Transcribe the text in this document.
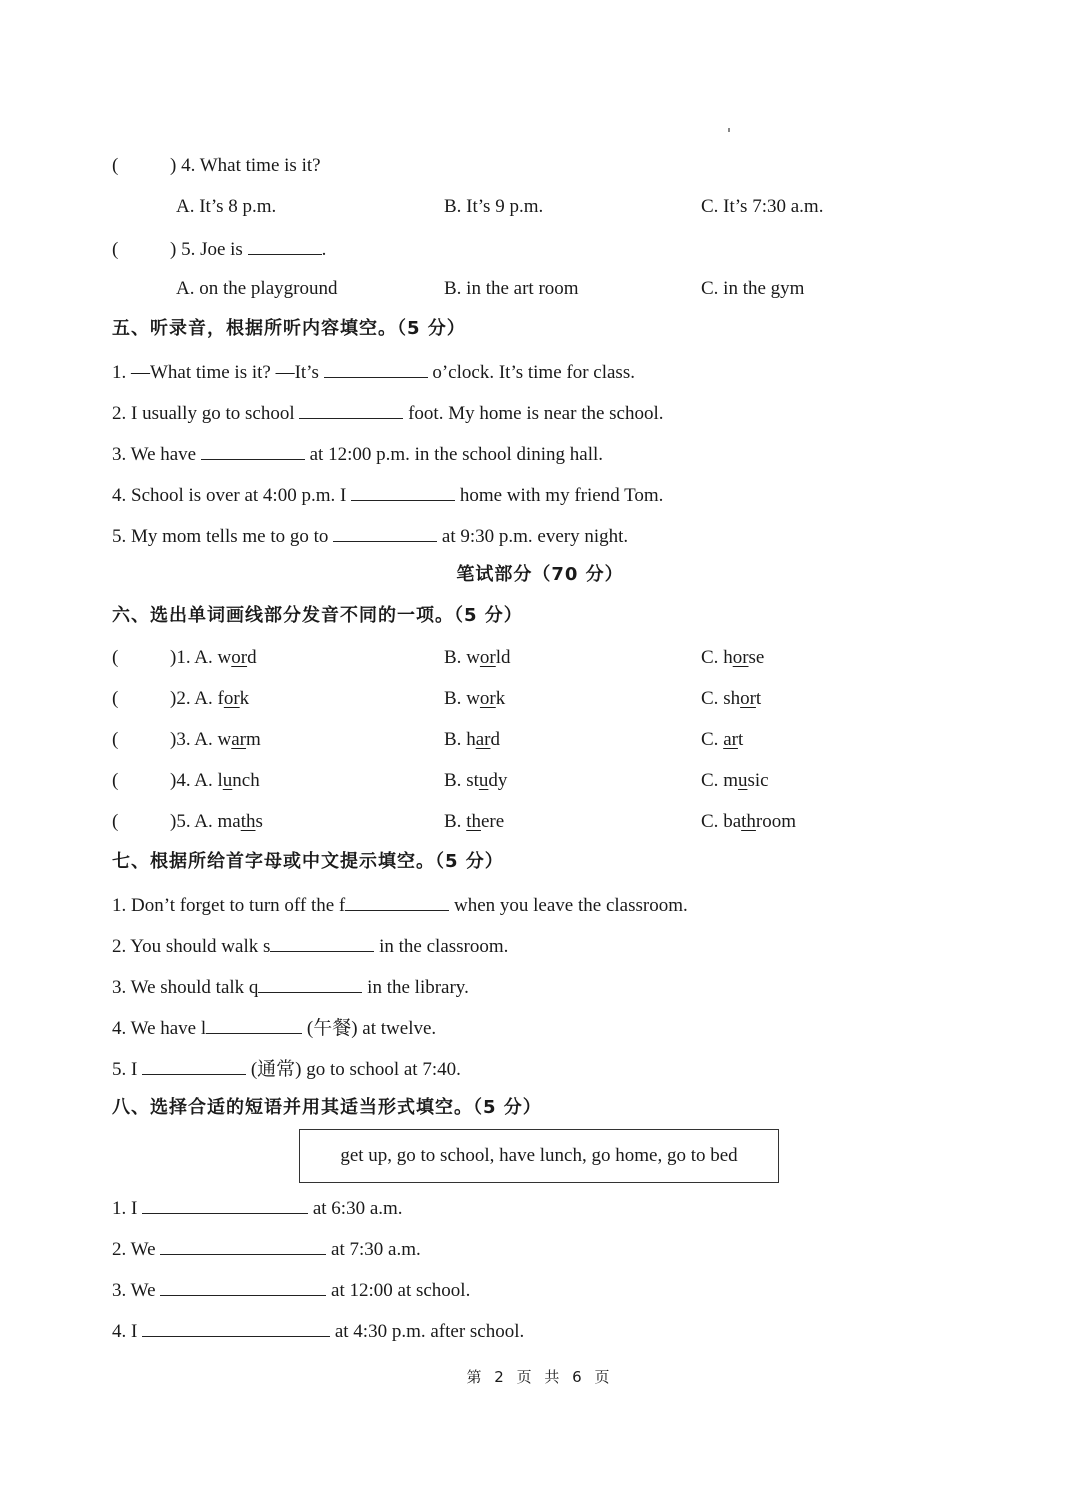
(	) 4. What time is it?
A. It’s 8 p.m.	B. It’s 9 p.m.	C. It’s 7:30 a.m.
(	) 5. Joe is	.
A. on the playground	B. in the art room	C. in the gym
五、听录音，根据所听内容填空。（5 分）
1. —What time is it? —It’s	o’clock. It’s time for class.
2. I usually go to school	foot. My home is near the school.
3. We have	at 12:00 p.m. in the school dining hall.
4. School is over at 4:00 p.m. I	home with my friend Tom.
5. My mom tells me to go to	at 9:30 p.m. every night.
笔试部分（70 分）
六、选出单词画线部分发音不同的一项。（5 分）
(	)1. A. word	B. world	C. horse
(	)2. A. fork	B. work	C. short
(	)3. A. warm	B. hard	C. art
(	)4. A. lunch	B. study	C. music
(	)5. A. maths	B. there	C. bathroom
七、根据所给首字母或中文提示填空。（5 分）
1. Don’t forget to turn off the f	when you leave the classroom.
2. You should walk s	in the classroom.
3. We should talk q	in the library.
4. We have l	(午餐) at twelve.
5. I	(通常) go to school at 7:40.
八、选择合适的短语并用其适当形式填空。（5 分）
get up, go to school, have lunch, go home, go to bed
1. I	at 6:30 a.m.
2. We	at 7:30 a.m.
3. We	at 12:00 at school.
4. I	at 4:30 p.m. after school.
第 2 页 共 6 页
